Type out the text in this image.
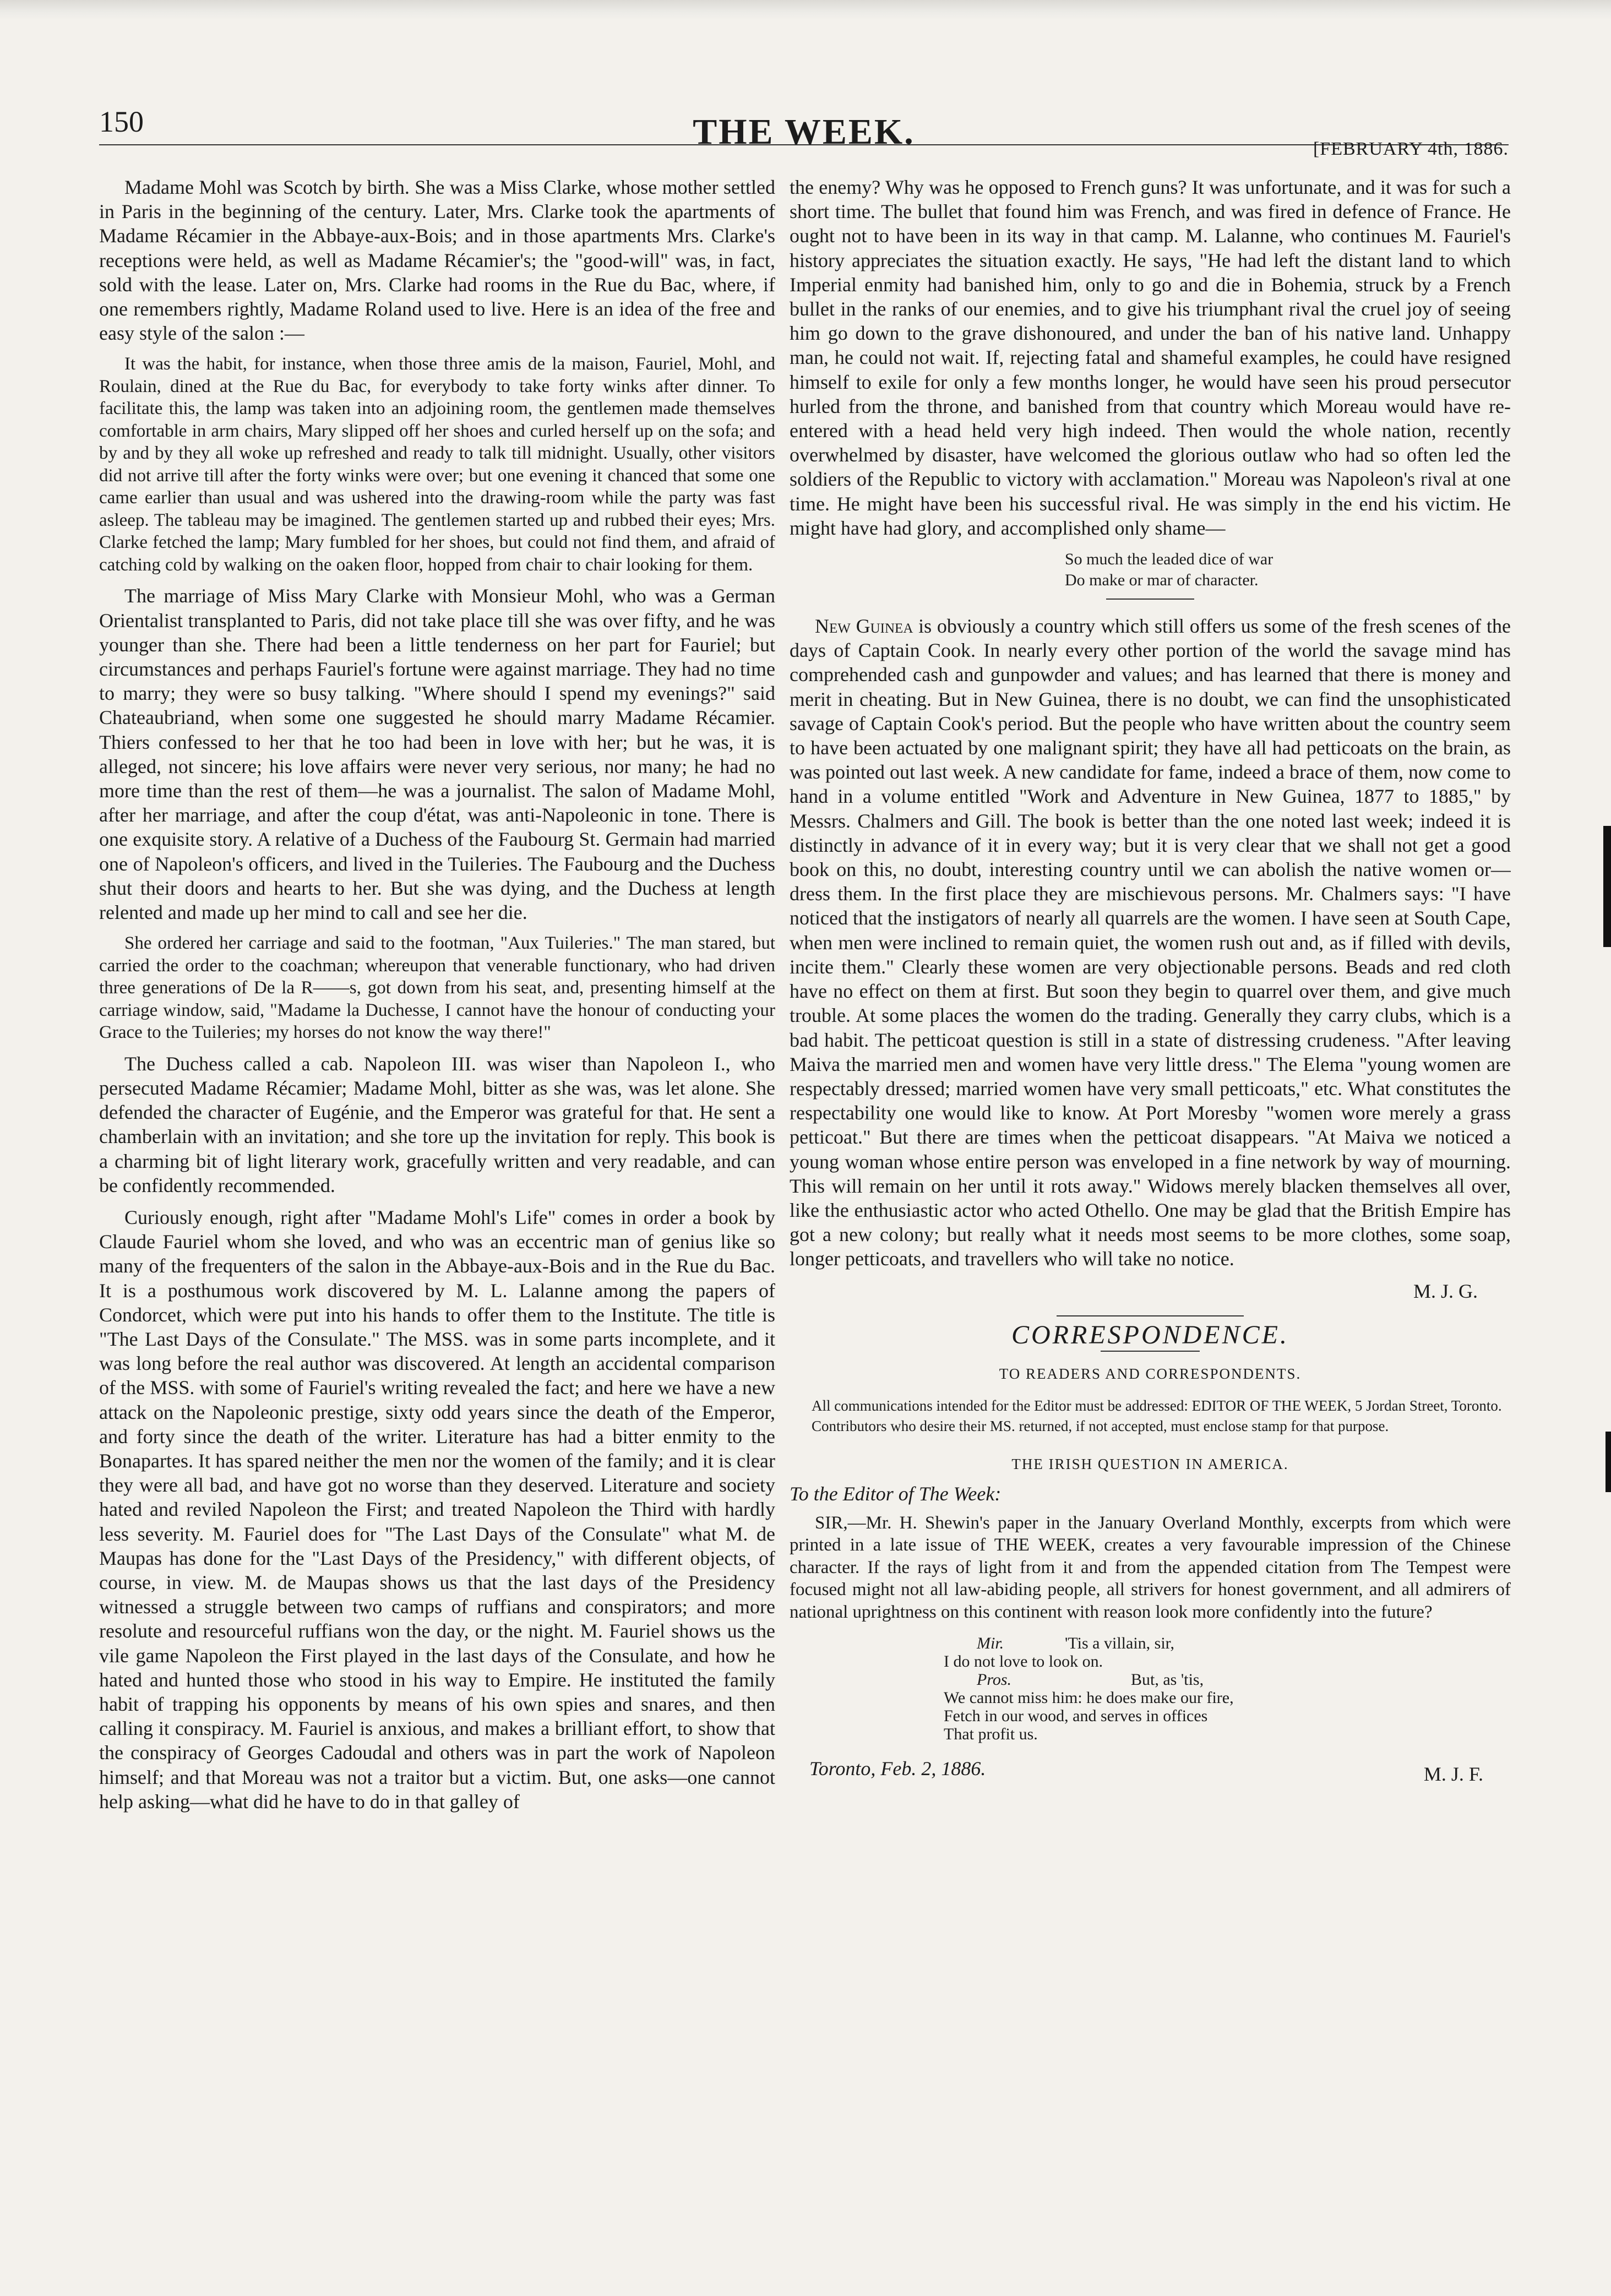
150	THE WEEK.	[FEBRUARY 4th, 1886.

Madame Mohl was Scotch by birth. She was a Miss Clarke, whose mother settled in Paris in the beginning of the century. Later, Mrs. Clarke took the apartments of Madame Récamier in the Abbaye-aux-Bois; and in those apartments Mrs. Clarke's receptions were held, as well as Madame Récamier's; the "good-will" was, in fact, sold with the lease. Later on, Mrs. Clarke had rooms in the Rue du Bac, where, if one remembers rightly, Madame Roland used to live. Here is an idea of the free and easy style of the salon :—

It was the habit, for instance, when those three amis de la maison, Fauriel, Mohl, and Roulain, dined at the Rue du Bac, for everybody to take forty winks after dinner. To facilitate this, the lamp was taken into an adjoining room, the gentlemen made themselves comfortable in arm chairs, Mary slipped off her shoes and curled herself up on the sofa; and by and by they all woke up refreshed and ready to talk till midnight. Usually, other visitors did not arrive till after the forty winks were over; but one evening it chanced that some one came earlier than usual and was ushered into the drawing-room while the party was fast asleep. The tableau may be imagined. The gentlemen started up and rubbed their eyes; Mrs. Clarke fetched the lamp; Mary fumbled for her shoes, but could not find them, and afraid of catching cold by walking on the oaken floor, hopped from chair to chair looking for them.

The marriage of Miss Mary Clarke with Monsieur Mohl, who was a German Orientalist transplanted to Paris, did not take place till she was over fifty, and he was younger than she. There had been a little tenderness on her part for Fauriel; but circumstances and perhaps Fauriel's fortune were against marriage. They had no time to marry; they were so busy talking. "Where should I spend my evenings?" said Chateaubriand, when some one suggested he should marry Madame Récamier. Thiers confessed to her that he too had been in love with her; but he was, it is alleged, not sincere; his love affairs were never very serious, nor many; he had no more time than the rest of them—he was a journalist. The salon of Madame Mohl, after her marriage, and after the coup d'état, was anti-Napoleonic in tone. There is one exquisite story. A relative of a Duchess of the Faubourg St. Germain had married one of Napoleon's officers, and lived in the Tuileries. The Faubourg and the Duchess shut their doors and hearts to her. But she was dying, and the Duchess at length relented and made up her mind to call and see her die.

She ordered her carriage and said to the footman, "Aux Tuileries." The man stared, but carried the order to the coachman; whereupon that venerable functionary, who had driven three generations of De la R——s, got down from his seat, and, presenting himself at the carriage window, said, "Madame la Duchesse, I cannot have the honour of conducting your Grace to the Tuileries; my horses do not know the way there!"

The Duchess called a cab. Napoleon III. was wiser than Napoleon I., who persecuted Madame Récamier; Madame Mohl, bitter as she was, was let alone. She defended the character of Eugénie, and the Emperor was grateful for that. He sent a chamberlain with an invitation; and she tore up the invitation for reply. This book is a charming bit of light literary work, gracefully written and very readable, and can be confidently recommended.

Curiously enough, right after "Madame Mohl's Life" comes in order a book by Claude Fauriel whom she loved, and who was an eccentric man of genius like so many of the frequenters of the salon in the Abbaye-aux-Bois and in the Rue du Bac. It is a posthumous work discovered by M. L. Lalanne among the papers of Condorcet, which were put into his hands to offer them to the Institute. The title is "The Last Days of the Consulate." The MSS. was in some parts incomplete, and it was long before the real author was discovered. At length an accidental comparison of the MSS. with some of Fauriel's writing revealed the fact; and here we have a new attack on the Napoleonic prestige, sixty odd years since the death of the Emperor, and forty since the death of the writer. Literature has had a bitter enmity to the Bonapartes. It has spared neither the men nor the women of the family; and it is clear they were all bad, and have got no worse than they deserved. Literature and society hated and reviled Napoleon the First; and treated Napoleon the Third with hardly less severity. M. Fauriel does for "The Last Days of the Consulate" what M. de Maupas has done for the "Last Days of the Presidency," with different objects, of course, in view. M. de Maupas shows us that the last days of the Presidency witnessed a struggle between two camps of ruffians and conspirators; and more resolute and resourceful ruffians won the day, or the night. M. Fauriel shows us the vile game Napoleon the First played in the last days of the Consulate, and how he hated and hunted those who stood in his way to Empire. He instituted the family habit of trapping his opponents by means of his own spies and snares, and then calling it conspiracy. M. Fauriel is anxious, and makes a brilliant effort, to show that the conspiracy of Georges Cadoudal and others was in part the work of Napoleon himself; and that Moreau was not a traitor but a victim. But, one asks—one cannot help asking—what did he have to do in that galley of

the enemy? Why was he opposed to French guns? It was unfortunate, and it was for such a short time. The bullet that found him was French, and was fired in defence of France. He ought not to have been in its way in that camp. M. Lalanne, who continues M. Fauriel's history appreciates the situation exactly. He says, "He had left the distant land to which Imperial enmity had banished him, only to go and die in Bohemia, struck by a French bullet in the ranks of our enemies, and to give his triumphant rival the cruel joy of seeing him go down to the grave dishonoured, and under the ban of his native land. Unhappy man, he could not wait. If, rejecting fatal and shameful examples, he could have resigned himself to exile for only a few months longer, he would have seen his proud persecutor hurled from the throne, and banished from that country which Moreau would have re-entered with a head held very high indeed. Then would the whole nation, recently overwhelmed by disaster, have welcomed the glorious outlaw who had so often led the soldiers of the Republic to victory with acclamation." Moreau was Napoleon's rival at one time. He might have been his successful rival. He was simply in the end his victim. He might have had glory, and accomplished only shame—

So much the leaded dice of war
Do make or mar of character.

New Guinea is obviously a country which still offers us some of the fresh scenes of the days of Captain Cook. In nearly every other portion of the world the savage mind has comprehended cash and gunpowder and values; and has learned that there is money and merit in cheating. But in New Guinea, there is no doubt, we can find the unsophisticated savage of Captain Cook's period. But the people who have written about the country seem to have been actuated by one malignant spirit; they have all had petticoats on the brain, as was pointed out last week. A new candidate for fame, indeed a brace of them, now come to hand in a volume entitled "Work and Adventure in New Guinea, 1877 to 1885," by Messrs. Chalmers and Gill. The book is better than the one noted last week; indeed it is distinctly in advance of it in every way; but it is very clear that we shall not get a good book on this, no doubt, interesting country until we can abolish the native women or—dress them. In the first place they are mischievous persons. Mr. Chalmers says: "I have noticed that the instigators of nearly all quarrels are the women. I have seen at South Cape, when men were inclined to remain quiet, the women rush out and, as if filled with devils, incite them." Clearly these women are very objectionable persons. Beads and red cloth have no effect on them at first. But soon they begin to quarrel over them, and give much trouble. At some places the women do the trading. Generally they carry clubs, which is a bad habit. The petticoat question is still in a state of distressing crudeness. "After leaving Maiva the married men and women have very little dress." The Elema "young women are respectably dressed; married women have very small petticoats," etc. What constitutes the respectability one would like to know. At Port Moresby "women wore merely a grass petticoat." But there are times when the petticoat disappears. "At Maiva we noticed a young woman whose entire person was enveloped in a fine network by way of mourning. This will remain on her until it rots away." Widows merely blacken themselves all over, like the enthusiastic actor who acted Othello. One may be glad that the British Empire has got a new colony; but really what it needs most seems to be more clothes, some soap, longer petticoats, and travellers who will take no notice.

M. J. G.
CORRESPONDENCE.
TO READERS AND CORRESPONDENTS.

All communications intended for the Editor must be addressed: EDITOR OF THE WEEK, 5 Jordan Street, Toronto.

Contributors who desire their MS. returned, if not accepted, must enclose stamp for that purpose.

THE IRISH QUESTION IN AMERICA.

To the Editor of The Week:

SIR,—Mr. H. Shewin's paper in the January Overland Monthly, excerpts from which were printed in a late issue of THE WEEK, creates a very favourable impression of the Chinese character. If the rays of light from it and from the appended citation from The Tempest were focused might not all law-abiding people, all strivers for honest government, and all admirers of national uprightness on this continent with reason look more confidently into the future?

Mir.	'Tis a villain, sir,
I do not love to look on.
Pros.	But, as 'tis,
We cannot miss him: he does make our fire,
Fetch in our wood, and serves in offices
That profit us.
Toronto, Feb. 2, 1886.	M. J. F.
